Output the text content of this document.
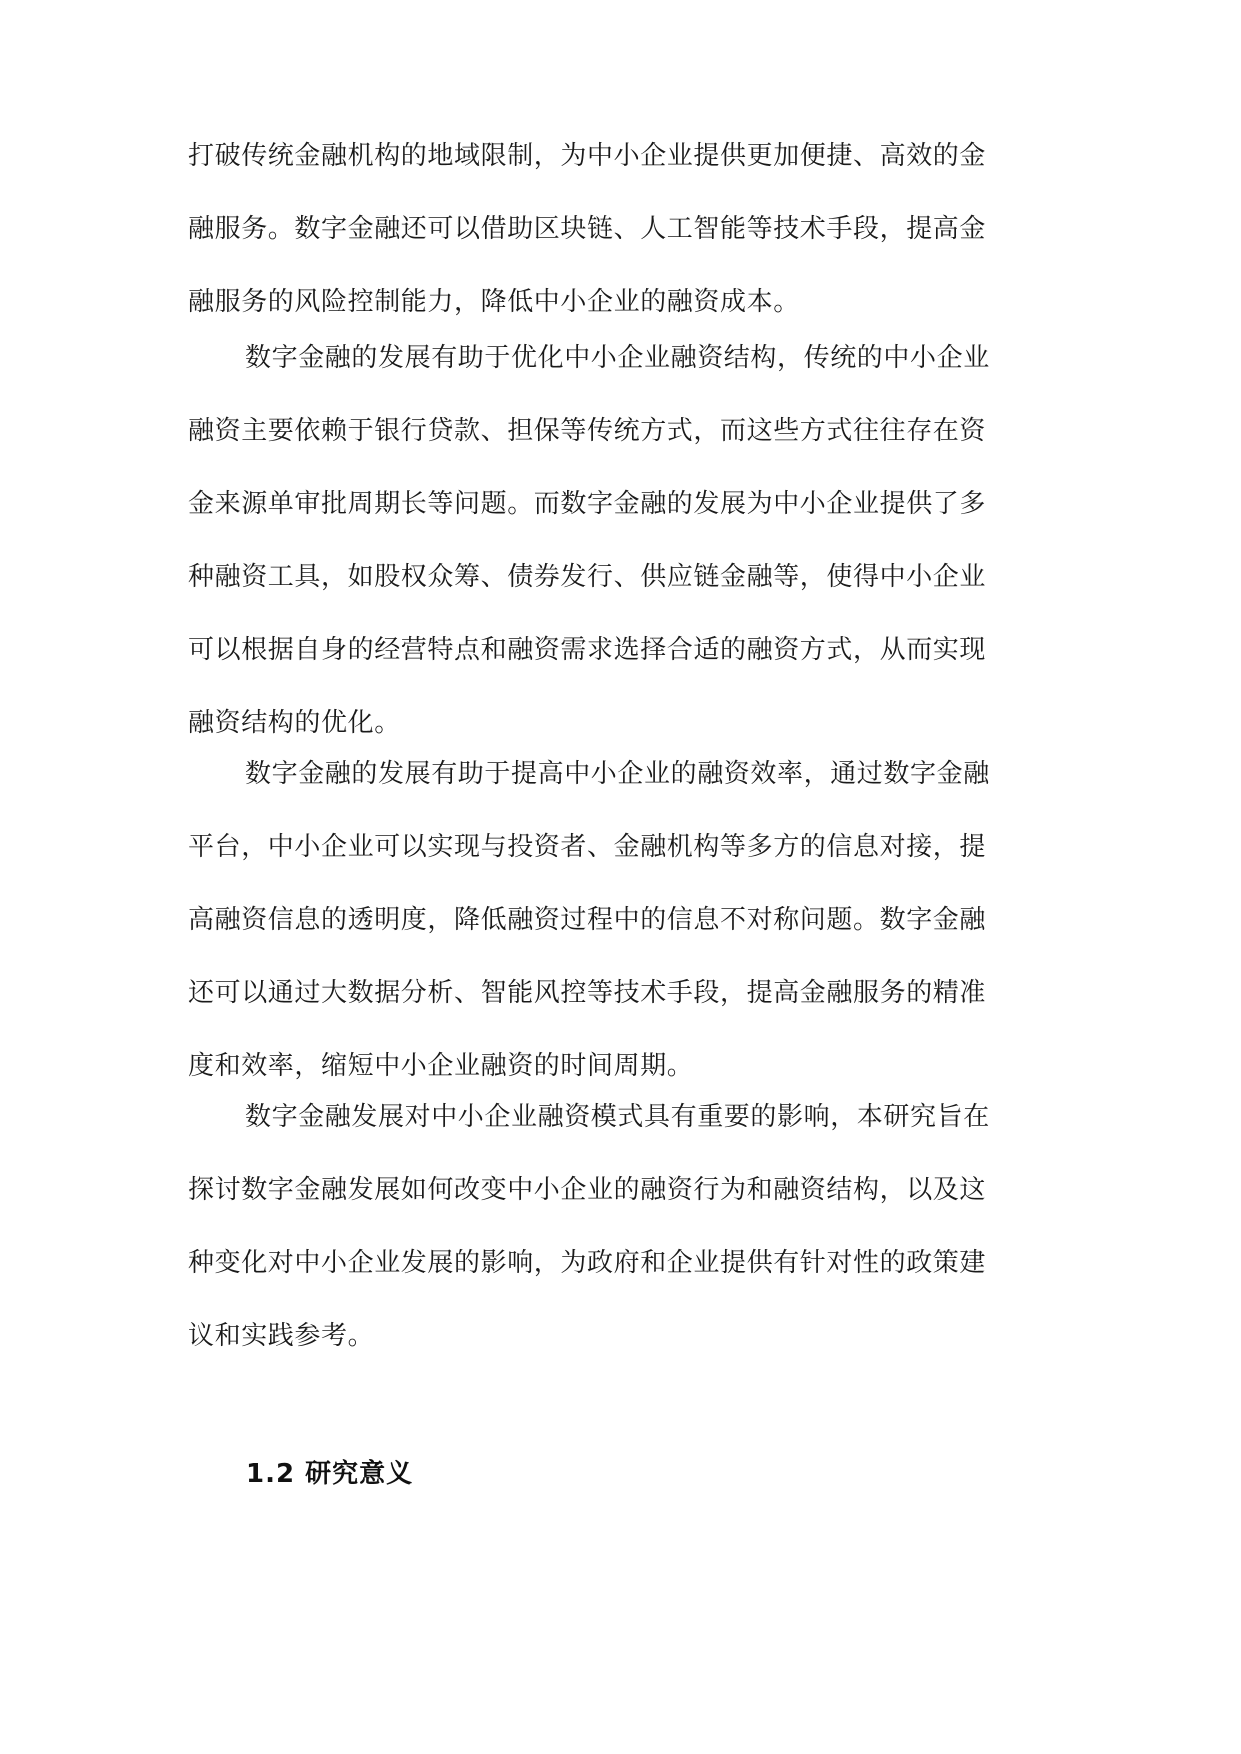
打破传统金融机构的地域限制，为中小企业提供更加便捷、高效的金
融服务。数字金融还可以借助区块链、人工智能等技术手段，提高金
融服务的风险控制能力，降低中小企业的融资成本。
数字金融的发展有助于优化中小企业融资结构，传统的中小企业
融资主要依赖于银行贷款、担保等传统方式，而这些方式往往存在资
金来源单审批周期长等问题。而数字金融的发展为中小企业提供了多
种融资工具，如股权众筹、债券发行、供应链金融等，使得中小企业
可以根据自身的经营特点和融资需求选择合适的融资方式，从而实现
融资结构的优化。
数字金融的发展有助于提高中小企业的融资效率，通过数字金融
平台，中小企业可以实现与投资者、金融机构等多方的信息对接，提
高融资信息的透明度，降低融资过程中的信息不对称问题。数字金融
还可以通过大数据分析、智能风控等技术手段，提高金融服务的精准
度和效率，缩短中小企业融资的时间周期。
数字金融发展对中小企业融资模式具有重要的影响，本研究旨在
探讨数字金融发展如何改变中小企业的融资行为和融资结构，以及这
种变化对中小企业发展的影响，为政府和企业提供有针对性的政策建
议和实践参考。
1.2 研究意义
